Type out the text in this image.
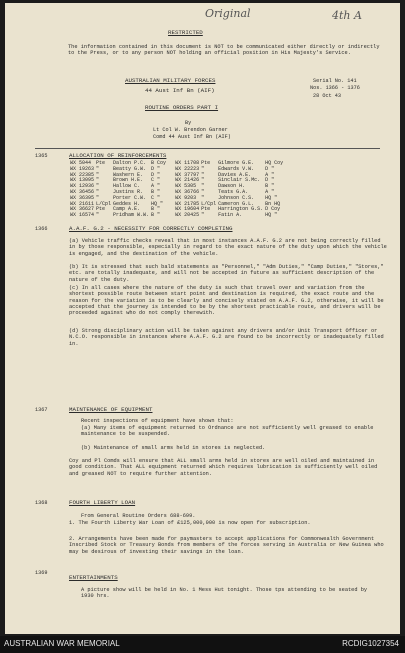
Original	4th A
RESTRICTED
The information contained in this document is NOT to be communicated either directly or indirectly to the Press, or to any person NOT holding an official position in His Majesty's Service.
AUSTRALIAN MILITARY FORCES	Serial No. 141
Nos. 1366 - 1376
28 Oct 43
44 Aust Inf Bn (AIF)
ROUTINE ORDERS PART I
By
Lt Col W. Brendon Garner
Comd 44 Aust Inf Bn (AIF)
1365	ALLOCATION OF REINFORCEMENTS
WX 5044	Pte	Dalton P.C.	B Coy	WX 11708	Pte	Gilmore G.E.	HQ Coy
WX 19263	"	Beatty G.W.	D "	WX 22223	"	Edwards V.W.	D "
WX 22385	"	Washern E.	D "	WX 37797	"	Davies A.E.	A "
WX 13095	"	Brown H.E.	C "	WX 21426	"	Sinclair S.Mc.	D "
WX 12936	"	Hallow C.	A "	WX 5305	"	Dawson H.	B "
WX 36456	"	Justins R.	B "	WX 36766	"	Teats G.A.	A "
WX 36395	"	Porter C.W.	C "	WX 9203	"	Johnson C.S.	HQ "
WX 21611	L/Cpl	Geddes H.	HQ "	WX 21785	L/Cpl	Cameron G.L.	Bn HQ
WX 36627	Pte	Camp A.E.	B "	WX 19604	Pte	Harrington G.S.	D Coy
WX 16574	"	Pridham W.W.	B "	WX 20425	"	Fatin A.	HQ "
1366	A.A.F. G.2 - NECESSITY FOR CORRECTLY COMPLETING
(a) Vehicle traffic checks reveal that in most instances A.A.F. G.2 are not being correctly filled in by those responsible, especially in regard to the exact nature of the duty upon which the vehicle is engaged, and the destination of the vehicle.
(b) It is stressed that such bald statements as "Personnel," "Adm Duties," "Camp Duties," "Stores," etc. are totally inadequate, and will not be accepted in future as sufficient description of the nature of the duty.
(c) In all cases where the nature of the duty is such that travel over and variation from the shortest possible route between start point and destination is required, the exact route and the reason for the variation is to be clearly and concisely stated on A.A.F. G.2, otherwise, it will be accepted that the journey is intended to be by the shortest practicable route, and drivers will be proceeded against who do not comply therewith.
(d) Strong disciplinary action will be taken against any drivers and/or Unit Transport Officer or N.C.O. responsible in instances where A.A.F. G.2 are found to be incorrectly or inadequately filled in.
1367	MAINTENANCE OF EQUIPMENT
Recent inspections of equipment have shown that:
(a) Many items of equipment returned to Ordnance are not sufficiently well greased to enable maintenance to be suspended.
(b) Maintenance of small arms held in stores is neglected.
Coy and Pl Comds will ensure that ALL small arms held in stores are well oiled and maintained in good condition. That ALL equipment returned which requires lubrication is sufficiently well oiled and greased NOT to require further attention.
1368	FOURTH LIBERTY LOAN
From General Routine Orders 688-699.
1. The Fourth Liberty War Loan of £125,000,000 is now open for subscription.
2. Arrangements have been made for paymasters to accept applications for Commonwealth Government Inscribed Stock or Treasury Bonds from members of the forces serving in Australia or New Guinea who may be desirous of investing their savings in the loan.
1369
ENTERTAINMENTS
A picture show will be held in No. 1 Mess Hut tonight. Those tps attending to be seated by 1930 hrs.
AUSTRALIAN WAR MEMORIAL	RCDIG1027354
